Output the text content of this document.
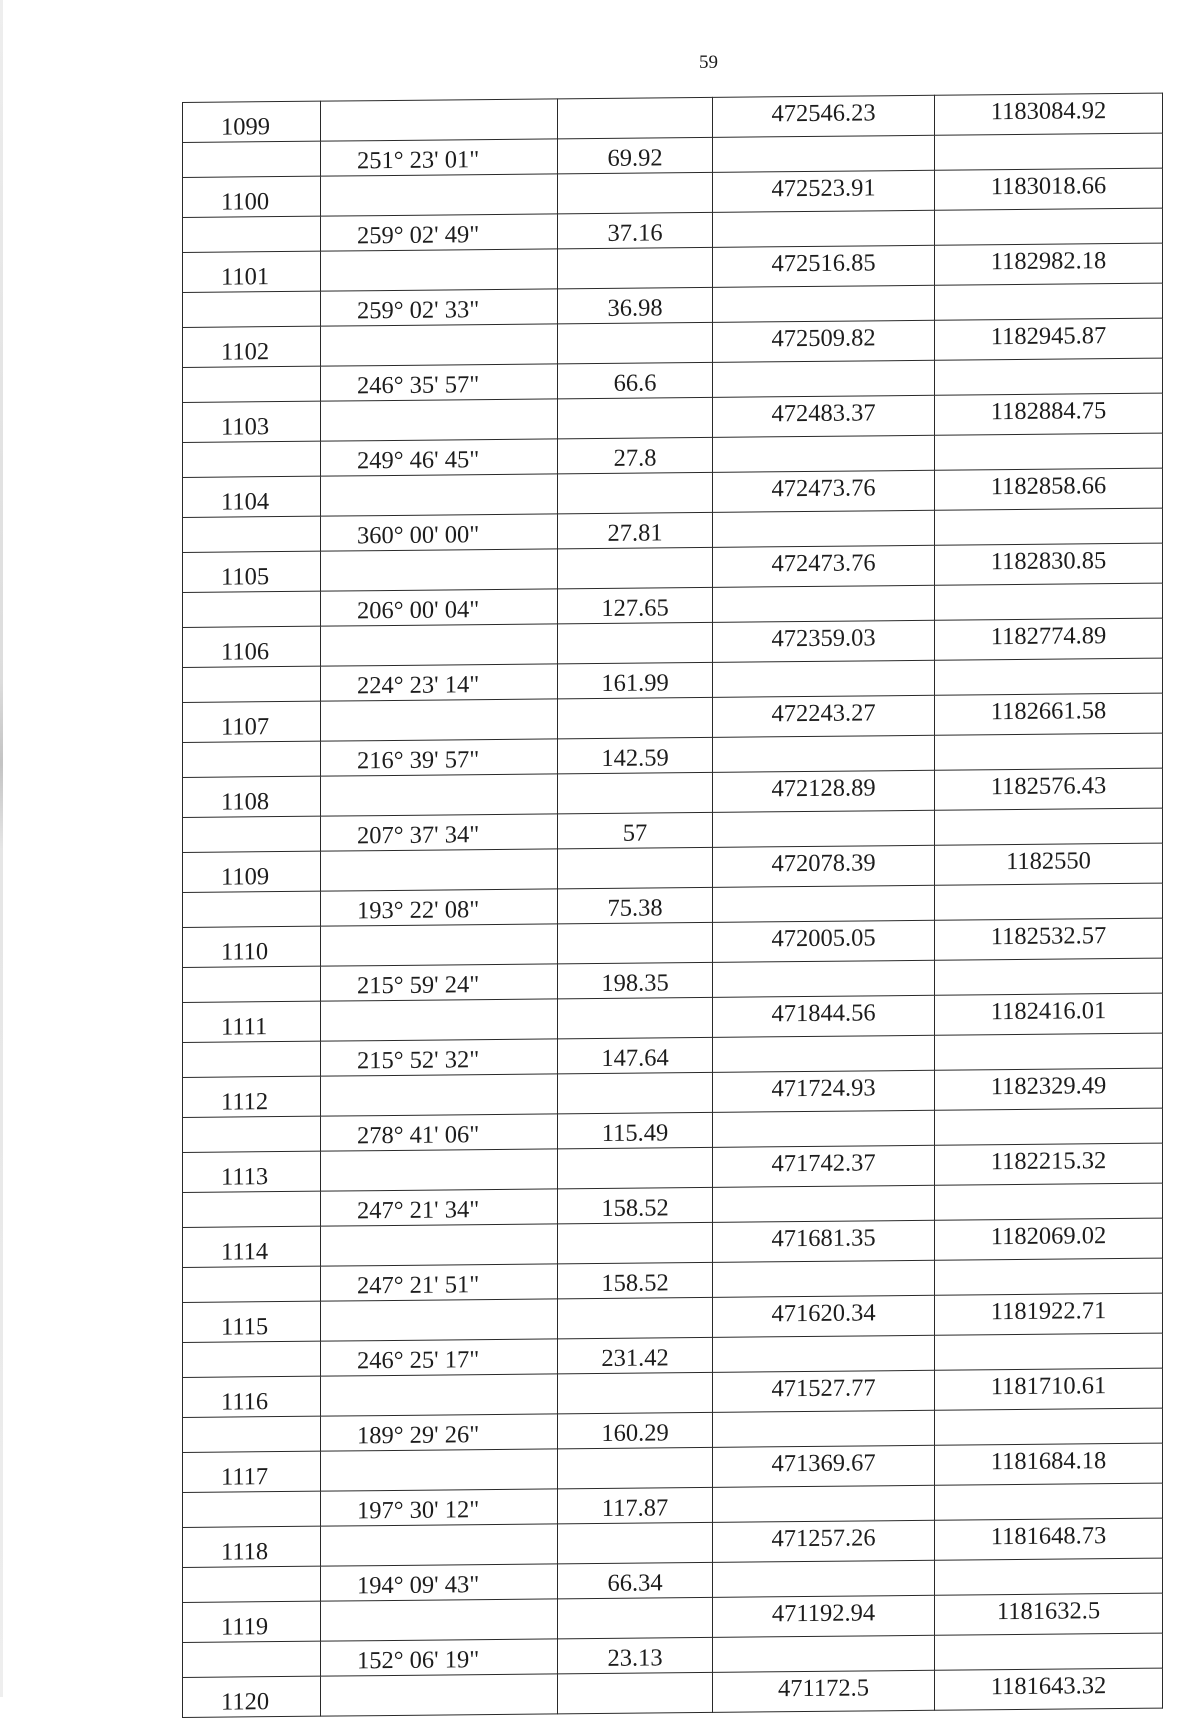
59
1099			472546.23	1183084.92
	251° 23' 01"	69.92		
1100			472523.91	1183018.66
	259° 02' 49"	37.16		
1101			472516.85	1182982.18
	259° 02' 33"	36.98		
1102			472509.82	1182945.87
	246° 35' 57"	66.6		
1103			472483.37	1182884.75
	249° 46' 45"	27.8		
1104			472473.76	1182858.66
	360° 00' 00"	27.81		
1105			472473.76	1182830.85
	206° 00' 04"	127.65		
1106			472359.03	1182774.89
	224° 23' 14"	161.99		
1107			472243.27	1182661.58
	216° 39' 57"	142.59		
1108			472128.89	1182576.43
	207° 37' 34"	57		
1109			472078.39	1182550
	193° 22' 08"	75.38		
1110			472005.05	1182532.57
	215° 59' 24"	198.35		
1111			471844.56	1182416.01
	215° 52' 32"	147.64		
1112			471724.93	1182329.49
	278° 41' 06"	115.49		
1113			471742.37	1182215.32
	247° 21' 34"	158.52		
1114			471681.35	1182069.02
	247° 21' 51"	158.52		
1115			471620.34	1181922.71
	246° 25' 17"	231.42		
1116			471527.77	1181710.61
	189° 29' 26"	160.29		
1117			471369.67	1181684.18
	197° 30' 12"	117.87		
1118			471257.26	1181648.73
	194° 09' 43"	66.34		
1119			471192.94	1181632.5
	152° 06' 19"	23.13		
1120			471172.5	1181643.32
